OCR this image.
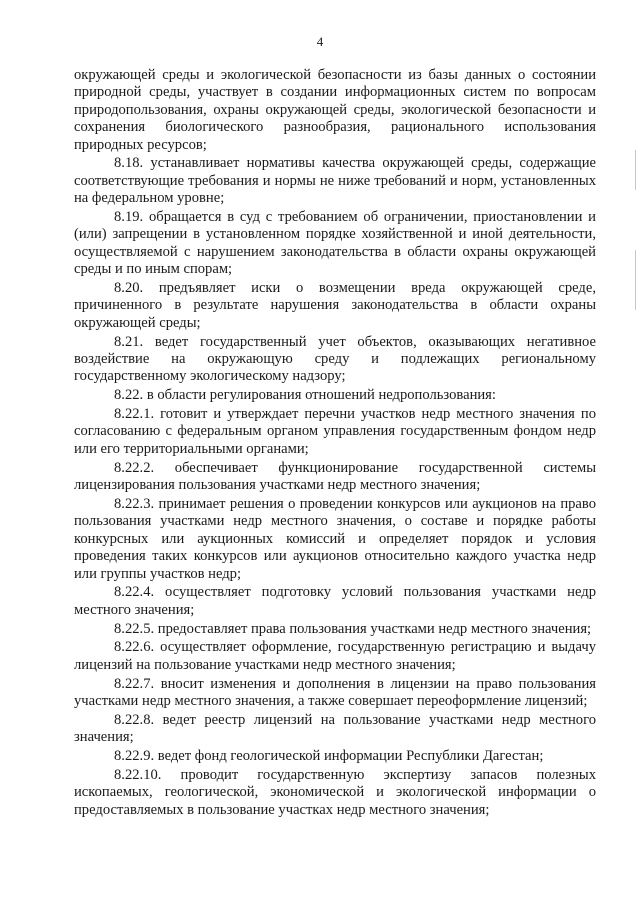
4

окружающей среды и экологической безопасности из базы данных о состоянии природной среды, участвует в создании информационных систем по вопросам природопользования, охраны окружающей среды, экологической безопасности и сохранения биологического разнообразия, рационального использования природных ресурсов;

8.18. устанавливает нормативы качества окружающей среды, содержащие соответствующие требования и нормы не ниже требований и норм, установленных на федеральном уровне;

8.19. обращается в суд с требованием об ограничении, приостановлении и (или) запрещении в установленном порядке хозяйственной и иной деятельности, осуществляемой с нарушением законодательства в области охраны окружающей среды и по иным спорам;

8.20. предъявляет иски о возмещении вреда окружающей среде, причиненного в результате нарушения законодательства в области охраны окружающей среды;

8.21. ведет государственный учет объектов, оказывающих негативное воздействие на окружающую среду и подлежащих региональному государственному экологическому надзору;

8.22. в области регулирования отношений недропользования:

8.22.1. готовит и утверждает перечни участков недр местного значения по согласованию с федеральным органом управления государственным фондом недр или его территориальными органами;

8.22.2. обеспечивает функционирование государственной системы лицензирования пользования участками недр местного значения;

8.22.3. принимает решения о проведении конкурсов или аукционов на право пользования участками недр местного значения, о составе и порядке работы конкурсных или аукционных комиссий и определяет порядок и условия проведения таких конкурсов или аукционов относительно каждого участка недр или группы участков недр;

8.22.4. осуществляет подготовку условий пользования участками недр местного значения;

8.22.5. предоставляет права пользования участками недр местного значения;

8.22.6. осуществляет оформление, государственную регистрацию и выдачу лицензий на пользование участками недр местного значения;

8.22.7. вносит изменения и дополнения в лицензии на право пользования участками недр местного значения, а также совершает переоформление лицензий;

8.22.8. ведет реестр лицензий на пользование участками недр местного значения;

8.22.9. ведет фонд геологической информации Республики Дагестан;

8.22.10. проводит государственную экспертизу запасов полезных ископаемых, геологической, экономической и экологической информации о предоставляемых в пользование участках недр местного значения;
